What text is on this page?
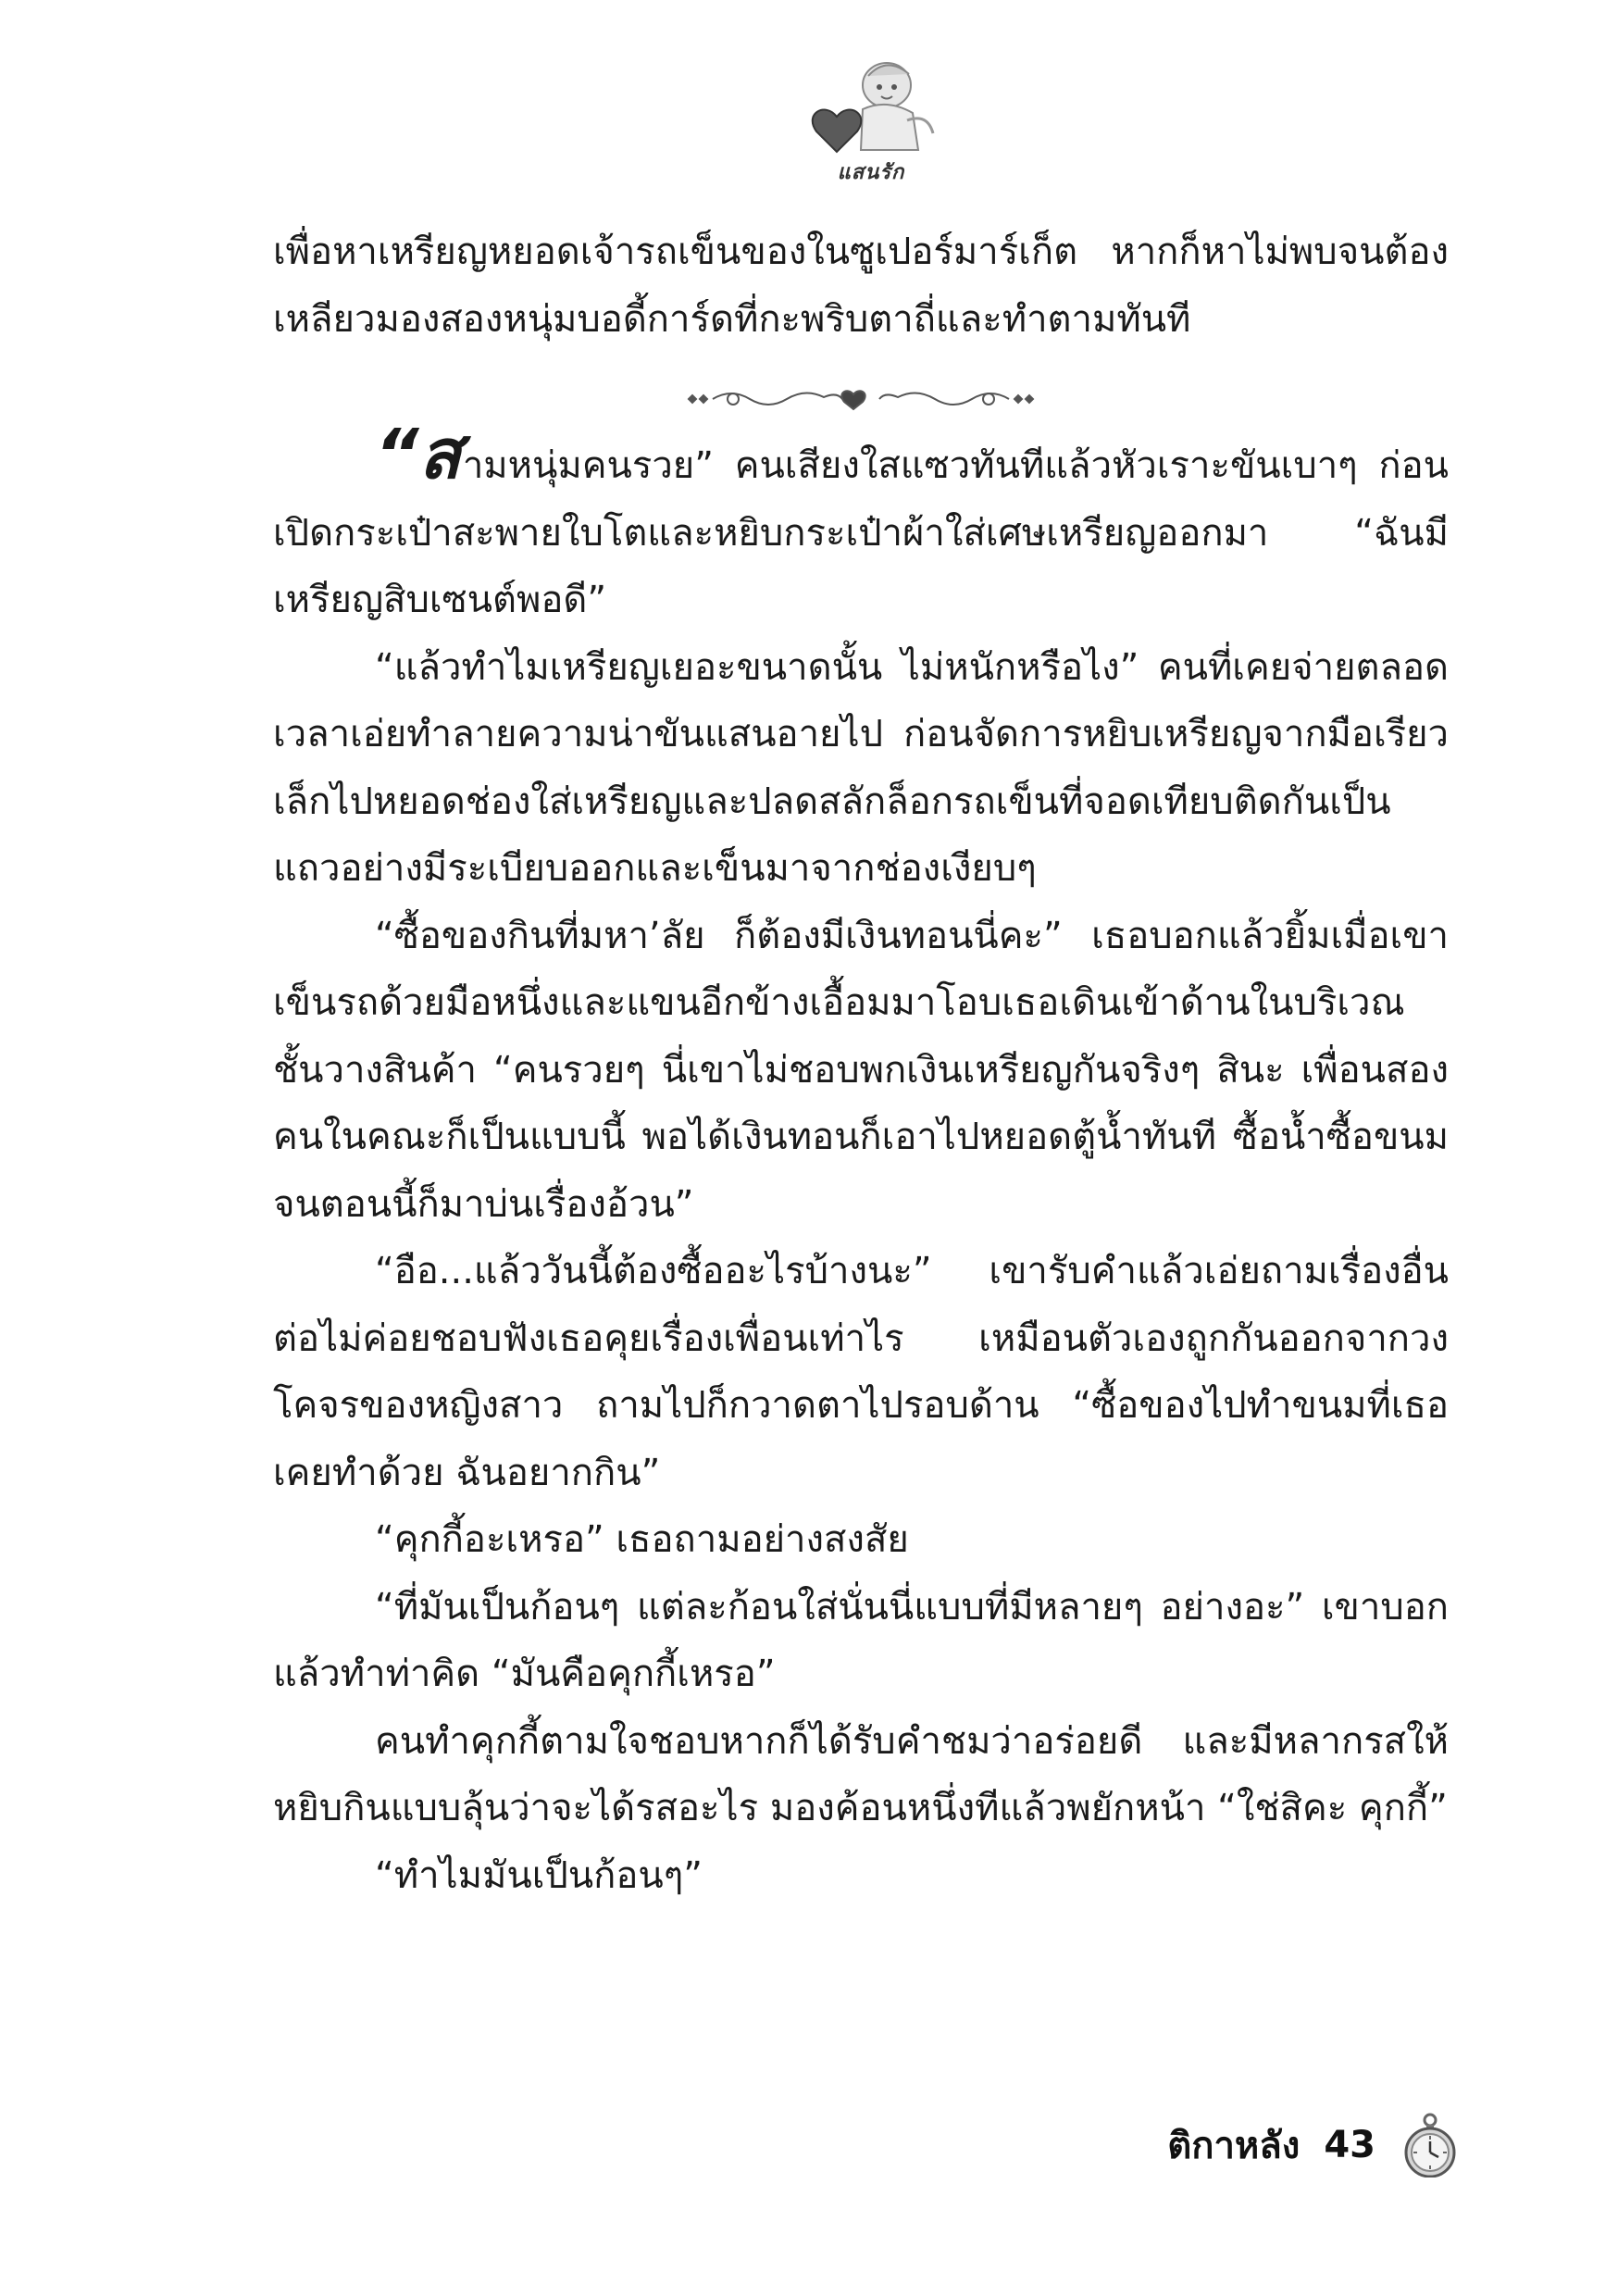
แสนรัก

เพื่อหาเหรียญหยอดเจ้ารถเข็นของในซูเปอร์มาร์เก็ต หากก็หาไม่พบจนต้องเหลียวมองสองหนุ่มบอดี้การ์ดที่กะพริบตาถี่และทำตามทันที

“สามหนุ่มคนรวย” คนเสียงใสแซวทันทีแล้วหัวเราะขันเบาๆ ก่อนเปิดกระเป๋าสะพายใบโตและหยิบกระเป๋าผ้าใส่เศษเหรียญออกมา “ฉันมีเหรียญสิบเซนต์พอดี”

“แล้วทำไมเหรียญเยอะขนาดนั้น ไม่หนักหรือไง” คนที่เคยจ่ายตลอดเวลาเอ่ยทำลายความน่าขันแสนอายไป ก่อนจัดการหยิบเหรียญจากมือเรียวเล็กไปหยอดช่องใส่เหรียญและปลดสลักล็อกรถเข็นที่จอดเทียบติดกันเป็นแถวอย่างมีระเบียบออกและเข็นมาจากช่องเงียบๆ

“ซื้อของกินที่มหา’ลัย ก็ต้องมีเงินทอนนี่คะ” เธอบอกแล้วยิ้มเมื่อเขาเข็นรถด้วยมือหนึ่งและแขนอีกข้างเอื้อมมาโอบเธอเดินเข้าด้านในบริเวณชั้นวางสินค้า “คนรวยๆ นี่เขาไม่ชอบพกเงินเหรียญกันจริงๆ สินะ เพื่อนสองคนในคณะก็เป็นแบบนี้ พอได้เงินทอนก็เอาไปหยอดตู้น้ำทันที ซื้อน้ำซื้อขนม จนตอนนี้ก็มาบ่นเรื่องอ้วน”

“อือ...แล้ววันนี้ต้องซื้ออะไรบ้างนะ” เขารับคำแล้วเอ่ยถามเรื่องอื่นต่อไม่ค่อยชอบฟังเธอคุยเรื่องเพื่อนเท่าไร เหมือนตัวเองถูกกันออกจากวงโคจรของหญิงสาว ถามไปก็กวาดตาไปรอบด้าน “ซื้อของไปทำขนมที่เธอเคยทำด้วย ฉันอยากกิน”

“คุกกี้อะเหรอ” เธอถามอย่างสงสัย

“ที่มันเป็นก้อนๆ แต่ละก้อนใส่นั่นนี่แบบที่มีหลายๆ อย่างอะ” เขาบอกแล้วทำท่าคิด “มันคือคุกกี้เหรอ”

คนทำคุกกี้ตามใจชอบหากก็ได้รับคำชมว่าอร่อยดี และมีหลากรสให้หยิบกินแบบลุ้นว่าจะได้รสอะไร มองค้อนหนึ่งทีแล้วพยักหน้า “ใช่สิคะ คุกกี้”

“ทำไมมันเป็นก้อนๆ”

ติกาหลัง 43
